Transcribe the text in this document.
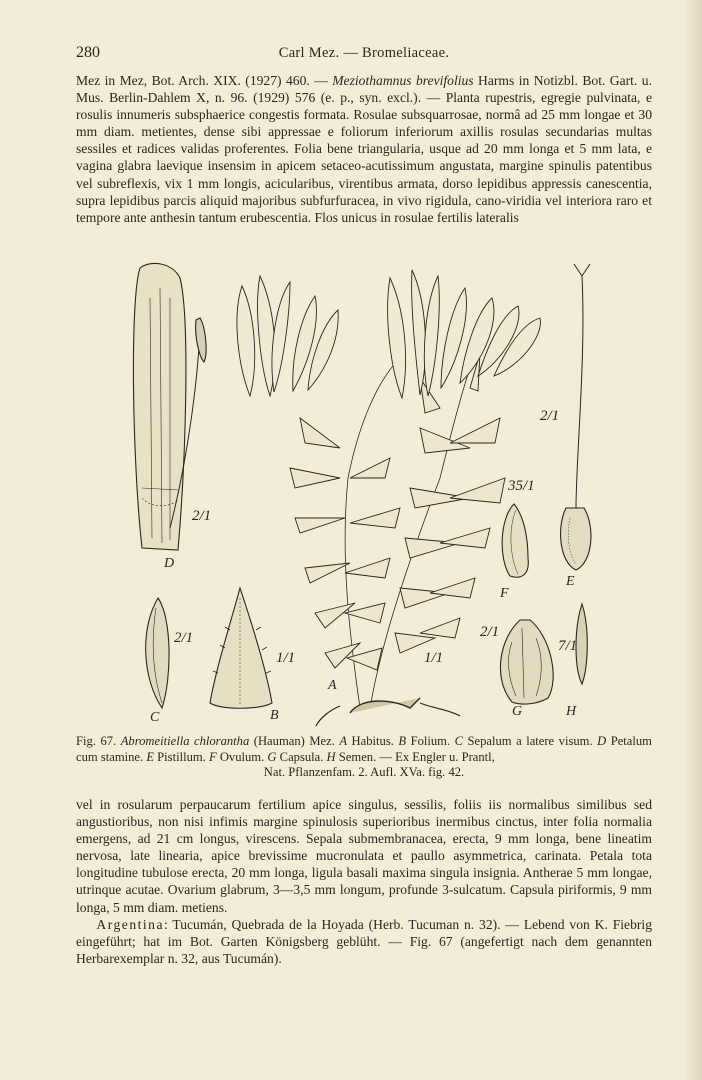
280	Carl Mez. — Bromeliaceae.

Mez in Mez, Bot. Arch. XIX. (1927) 460. — Meziothamnus brevifolius Harms in Notizbl. Bot. Gart. u. Mus. Berlin-Dahlem X, n. 96. (1929) 576 (e. p., syn. excl.). — Planta rupestris, egregie pulvinata, e rosulis innumeris subsphaerice congestis formata. Rosulae subsquarrosae, normâ ad 25 mm longae et 30 mm diam. metientes, dense sibi appressae e foliorum inferiorum axillis rosulas secundarias multas sessiles et radices validas proferentes. Folia bene triangularia, usque ad 20 mm longa et 5 mm lata, e vagina glabra laevique insensim in apicem setaceo-acutissimum angustata, margine spinulis patentibus vel subreflexis, vix 1 mm longis, acicularibus, virentibus armata, dorso lepidibus appressis canescentia, supra lepidibus parcis aliquid majoribus subfurfuracea, in vivo rigidula, cano-viridia vel interiora raro et tempore ante anthesin tantum erubescentia. Flos unicus in rosulae fertilis lateralis

D
C	B
A
E
F
G	H
2/1
2/1
35/1
2/1
1/1	1/1
2/1
7/1

Fig. 67. Abromeitiella chlorantha (Hauman) Mez. A Habitus. B Folium. C Sepalum a latere visum. D Petalum cum stamine. E Pistillum. F Ovulum. G Capsula. H Semen. — Ex Engler u. Prantl,
Nat. Pflanzenfam. 2. Aufl. XVa. fig. 42.

vel in rosularum perpaucarum fertilium apice singulus, sessilis, foliis iis normalibus similibus sed angustioribus, non nisi infimis margine spinulosis superioribus inermibus cinctus, inter folia normalia emergens, ad 21 cm longus, virescens. Sepala submembranacea, erecta, 9 mm longa, bene lineatim nervosa, late linearia, apice brevissime mucronulata et paullo asymmetrica, carinata. Petala tota longitudine tubulose erecta, 20 mm longa, ligula basali maxima singula insignia. Antherae 5 mm longae, utrinque acutae. Ovarium glabrum, 3—3,5 mm longum, profunde 3-sulcatum. Capsula piriformis, 9 mm longa, 5 mm diam. metiens.
  Argentina: Tucumán, Quebrada de la Hoyada (Herb. Tucuman n. 32). — Lebend von K. Fiebrig eingeführt; hat im Bot. Garten Königsberg geblüht. — Fig. 67 (angefertigt nach dem genannten Herbarexemplar n. 32, aus Tucumán).
